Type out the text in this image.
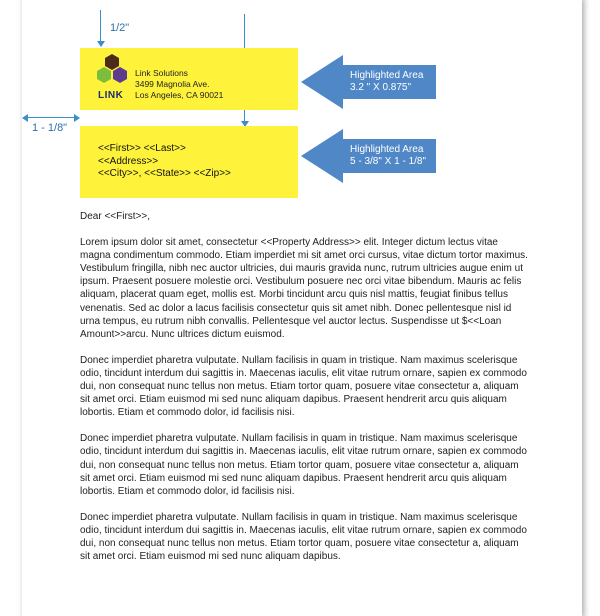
1/2"
1 - 1/8"
LINK
Link Solutions
3499 Magnolia Ave.
Los Angeles, CA 90021
<<First>> <<Last>>
<<Address>>
<<City>>, <<State>> <<Zip>>
Highlighted Area
3.2 " X 0.875"
Highlighted Area
5 - 3/8" X 1 - 1/8"

Dear <<First>>,

Lorem ipsum dolor sit amet, consectetur <<Property Address>> elit. Integer dictum lectus vitae magna condimentum commodo. Etiam imperdiet mi sit amet orci cursus, vitae dictum tortor maximus. Vestibulum fringilla, nibh nec auctor ultricies, dui mauris gravida nunc, rutrum ultricies augue enim ut ipsum. Praesent posuere molestie orci. Vestibulum posuere nec orci vitae bibendum. Mauris ac felis aliquam, placerat quam eget, mollis est. Morbi tincidunt arcu quis nisl mattis, feugiat finibus tellus venenatis. Sed ac dolor a lacus facilisis consectetur quis sit amet nibh. Donec pellentesque nisl id urna tempus, eu rutrum nibh convallis. Pellentesque vel auctor lectus. Suspendisse ut $<<Loan Amount>>arcu. Nunc ultrices dictum euismod.

Donec imperdiet pharetra vulputate. Nullam facilisis in quam in tristique. Nam maximus scelerisque odio, tincidunt interdum dui sagittis in. Maecenas iaculis, elit vitae rutrum ornare, sapien ex commodo dui, non consequat nunc tellus non metus. Etiam tortor quam, posuere vitae consectetur a, aliquam sit amet orci. Etiam euismod mi sed nunc aliquam dapibus. Praesent hendrerit arcu quis aliquam lobortis. Etiam et commodo dolor, id facilisis nisi.

Donec imperdiet pharetra vulputate. Nullam facilisis in quam in tristique. Nam maximus scelerisque odio, tincidunt interdum dui sagittis in. Maecenas iaculis, elit vitae rutrum ornare, sapien ex commodo dui, non consequat nunc tellus non metus. Etiam tortor quam, posuere vitae consectetur a, aliquam sit amet orci. Etiam euismod mi sed nunc aliquam dapibus. Praesent hendrerit arcu quis aliquam lobortis. Etiam et commodo dolor, id facilisis nisi.

Donec imperdiet pharetra vulputate. Nullam facilisis in quam in tristique. Nam maximus scelerisque odio, tincidunt interdum dui sagittis in. Maecenas iaculis, elit vitae rutrum ornare, sapien ex commodo dui, non consequat nunc tellus non metus. Etiam tortor quam, posuere vitae consectetur a, aliquam sit amet orci. Etiam euismod mi sed nunc aliquam dapibus.
